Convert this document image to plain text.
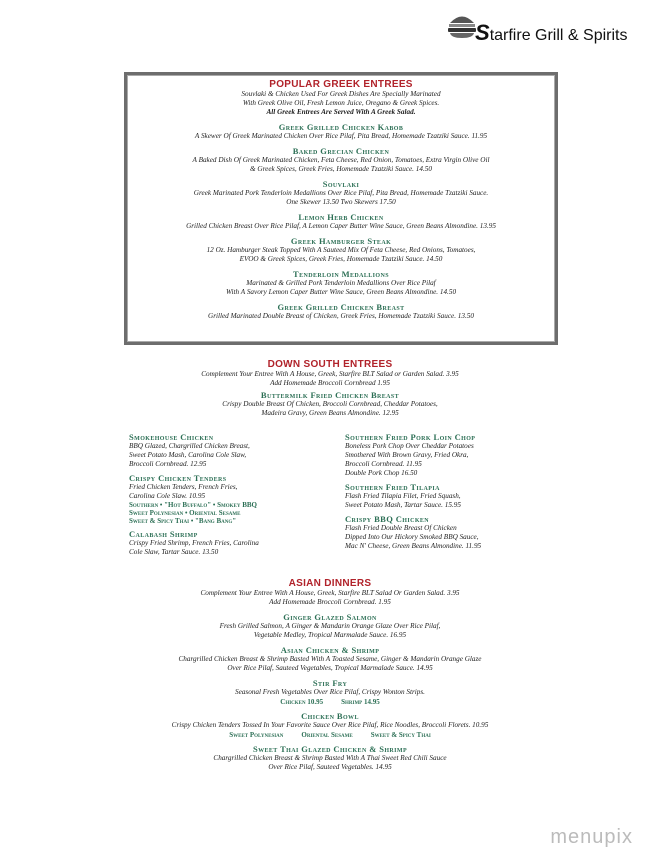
Starfire Grill & Spirits
POPULAR GREEK ENTREES
Souvlaki & Chicken Used For Greek Dishes Are Specially Marinated
With Greek Olive Oil, Fresh Lemon Juice, Oregano & Greek Spices.
All Greek Entrees Are Served With A Greek Salad.
Greek Grilled Chicken Kabob
A Skewer Of Greek Marinated Chicken Over Rice Pilaf, Pita Bread, Homemade Tzatziki Sauce. 11.95
Baked Grecian Chicken
A Baked Dish Of Greek Marinated Chicken, Feta Cheese, Red Onion, Tomatoes, Extra Virgin Olive Oil
& Greek Spices, Greek Fries, Homemade Tzatziki Sauce. 14.50
Souvlaki
Greek Marinated Pork Tenderloin Medallions Over Rice Pilaf, Pita Bread, Homemade Tzatziki Sauce.
One Skewer 13.50 Two Skewers 17.50
Lemon Herb Chicken
Grilled Chicken Breast Over Rice Pilaf, A Lemon Caper Butter Wine Sauce, Green Beans Almondine. 13.95
Greek Hamburger Steak
12 Oz. Hamburger Steak Topped With A Sauteed Mix Of Feta Cheese, Red Onions, Tomatoes,
EVOO & Greek Spices, Greek Fries, Homemade Tzatziki Sauce. 14.50
Tenderloin Medallions
Marinated & Grilled Pork Tenderloin Medallions Over Rice Pilaf
With A Savory Lemon Caper Butter Wine Sauce, Green Beans Almondine. 14.50
Greek Grilled Chicken Breast
Grilled Marinated Double Breast of Chicken, Greek Fries, Homemade Tzatziki Sauce. 13.50
DOWN SOUTH ENTREES
Complement Your Entree With A House, Greek, Starfire BLT Salad or Garden Salad. 3.95
Add Homemade Broccoli Cornbread 1.95
Buttermilk Fried Chicken Breast
Crispy Double Breast Of Chicken, Broccoli Cornbread, Cheddar Potatoes,
Madeira Gravy, Green Beans Almondine. 12.95
Smokehouse Chicken
BBQ Glazed, Chargrilled Chicken Breast,
Sweet Potato Mash, Carolina Cole Slaw,
Broccoli Cornbread. 12.95
Crispy Chicken Tenders
Fried Chicken Tenders, French Fries,
Carolina Cole Slaw. 10.95
Southern • "Hot Buffalo" • Smokey BBQ
Sweet Polynesian • Oriental Sesame
Sweet & Spicy Thai • "Bang Bang"
Calabash Shrimp
Crispy Fried Shrimp, French Fries, Carolina
Cole Slaw, Tartar Sauce. 13.50
Southern Fried Pork Loin Chop
Boneless Pork Chop Over Cheddar Potatoes
Smothered With Brown Gravy, Fried Okra,
Broccoli Cornbread. 11.95
Double Pork Chop 16.50
Southern Fried Tilapia
Flash Fried Tilapia Filet, Fried Squash,
Sweet Potato Mash, Tartar Sauce. 15.95
Crispy BBQ Chicken
Flash Fried Double Breast Of Chicken
Dipped Into Our Hickory Smoked BBQ Sauce,
Mac N' Cheese, Green Beans Almondine. 11.95
ASIAN DINNERS
Complement Your Entree With A House, Greek, Starfire BLT Salad Or Garden Salad. 3.95
Add Homemade Broccoli Cornbread. 1.95
Ginger Glazed Salmon
Fresh Grilled Salmon, A Ginger & Mandarin Orange Glaze Over Rice Pilaf,
Vegetable Medley, Tropical Marmalade Sauce. 16.95
Asian Chicken & Shrimp
Chargrilled Chicken Breast & Shrimp Basted With A Toasted Sesame, Ginger & Mandarin Orange Glaze
Over Rice Pilaf, Sauteed Vegetables, Tropical Marmalade Sauce. 14.95
Stir Fry
Seasonal Fresh Vegetables Over Rice Pilaf, Crispy Wonton Strips.
Chicken 10.95	Shrimp 14.95
Chicken Bowl
Crispy Chicken Tenders Tossed In Your Favorite Sauce Over Rice Pilaf, Rice Noodles, Broccoli Florets. 10.95
Sweet Polynesian	Oriental Sesame	Sweet & Spicy Thai
Sweet Thai Glazed Chicken & Shrimp
Chargrilled Chicken Breast & Shrimp Basted With A Thai Sweet Red Chili Sauce
Over Rice Pilaf, Sauteed Vegetables. 14.95
menupix
